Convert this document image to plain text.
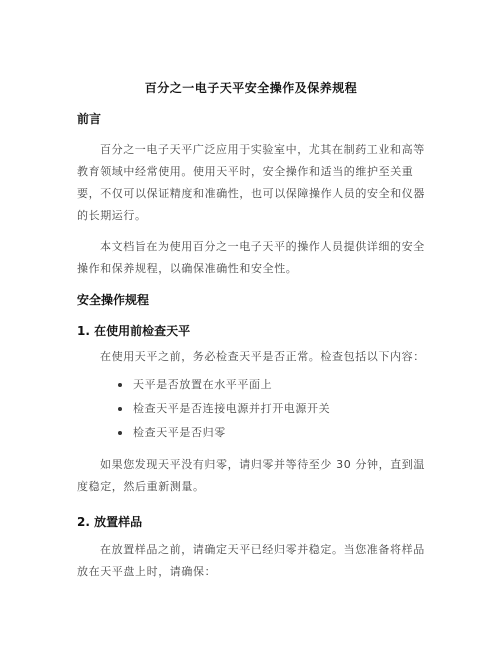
百分之一电子天平安全操作及保养规程
前言

百分之一电子天平广泛应用于实验室中，尤其在制药工业和高等教育领域中经常使用。使用天平时，安全操作和适当的维护至关重要，不仅可以保证精度和准确性，也可以保障操作人员的安全和仪器的长期运行。

本文档旨在为使用百分之一电子天平的操作人员提供详细的安全操作和保养规程，以确保准确性和安全性。

安全操作规程
1. 在使用前检查天平

在使用天平之前，务必检查天平是否正常。检查包括以下内容：

天平是否放置在水平平面上
检查天平是否连接电源并打开电源开关
检查天平是否归零

如果您发现天平没有归零，请归零并等待至少 30 分钟，直到温度稳定，然后重新测量。

2. 放置样品

在放置样品之前，请确定天平已经归零并稳定。当您准备将样品放在天平盘上时，请确保：
